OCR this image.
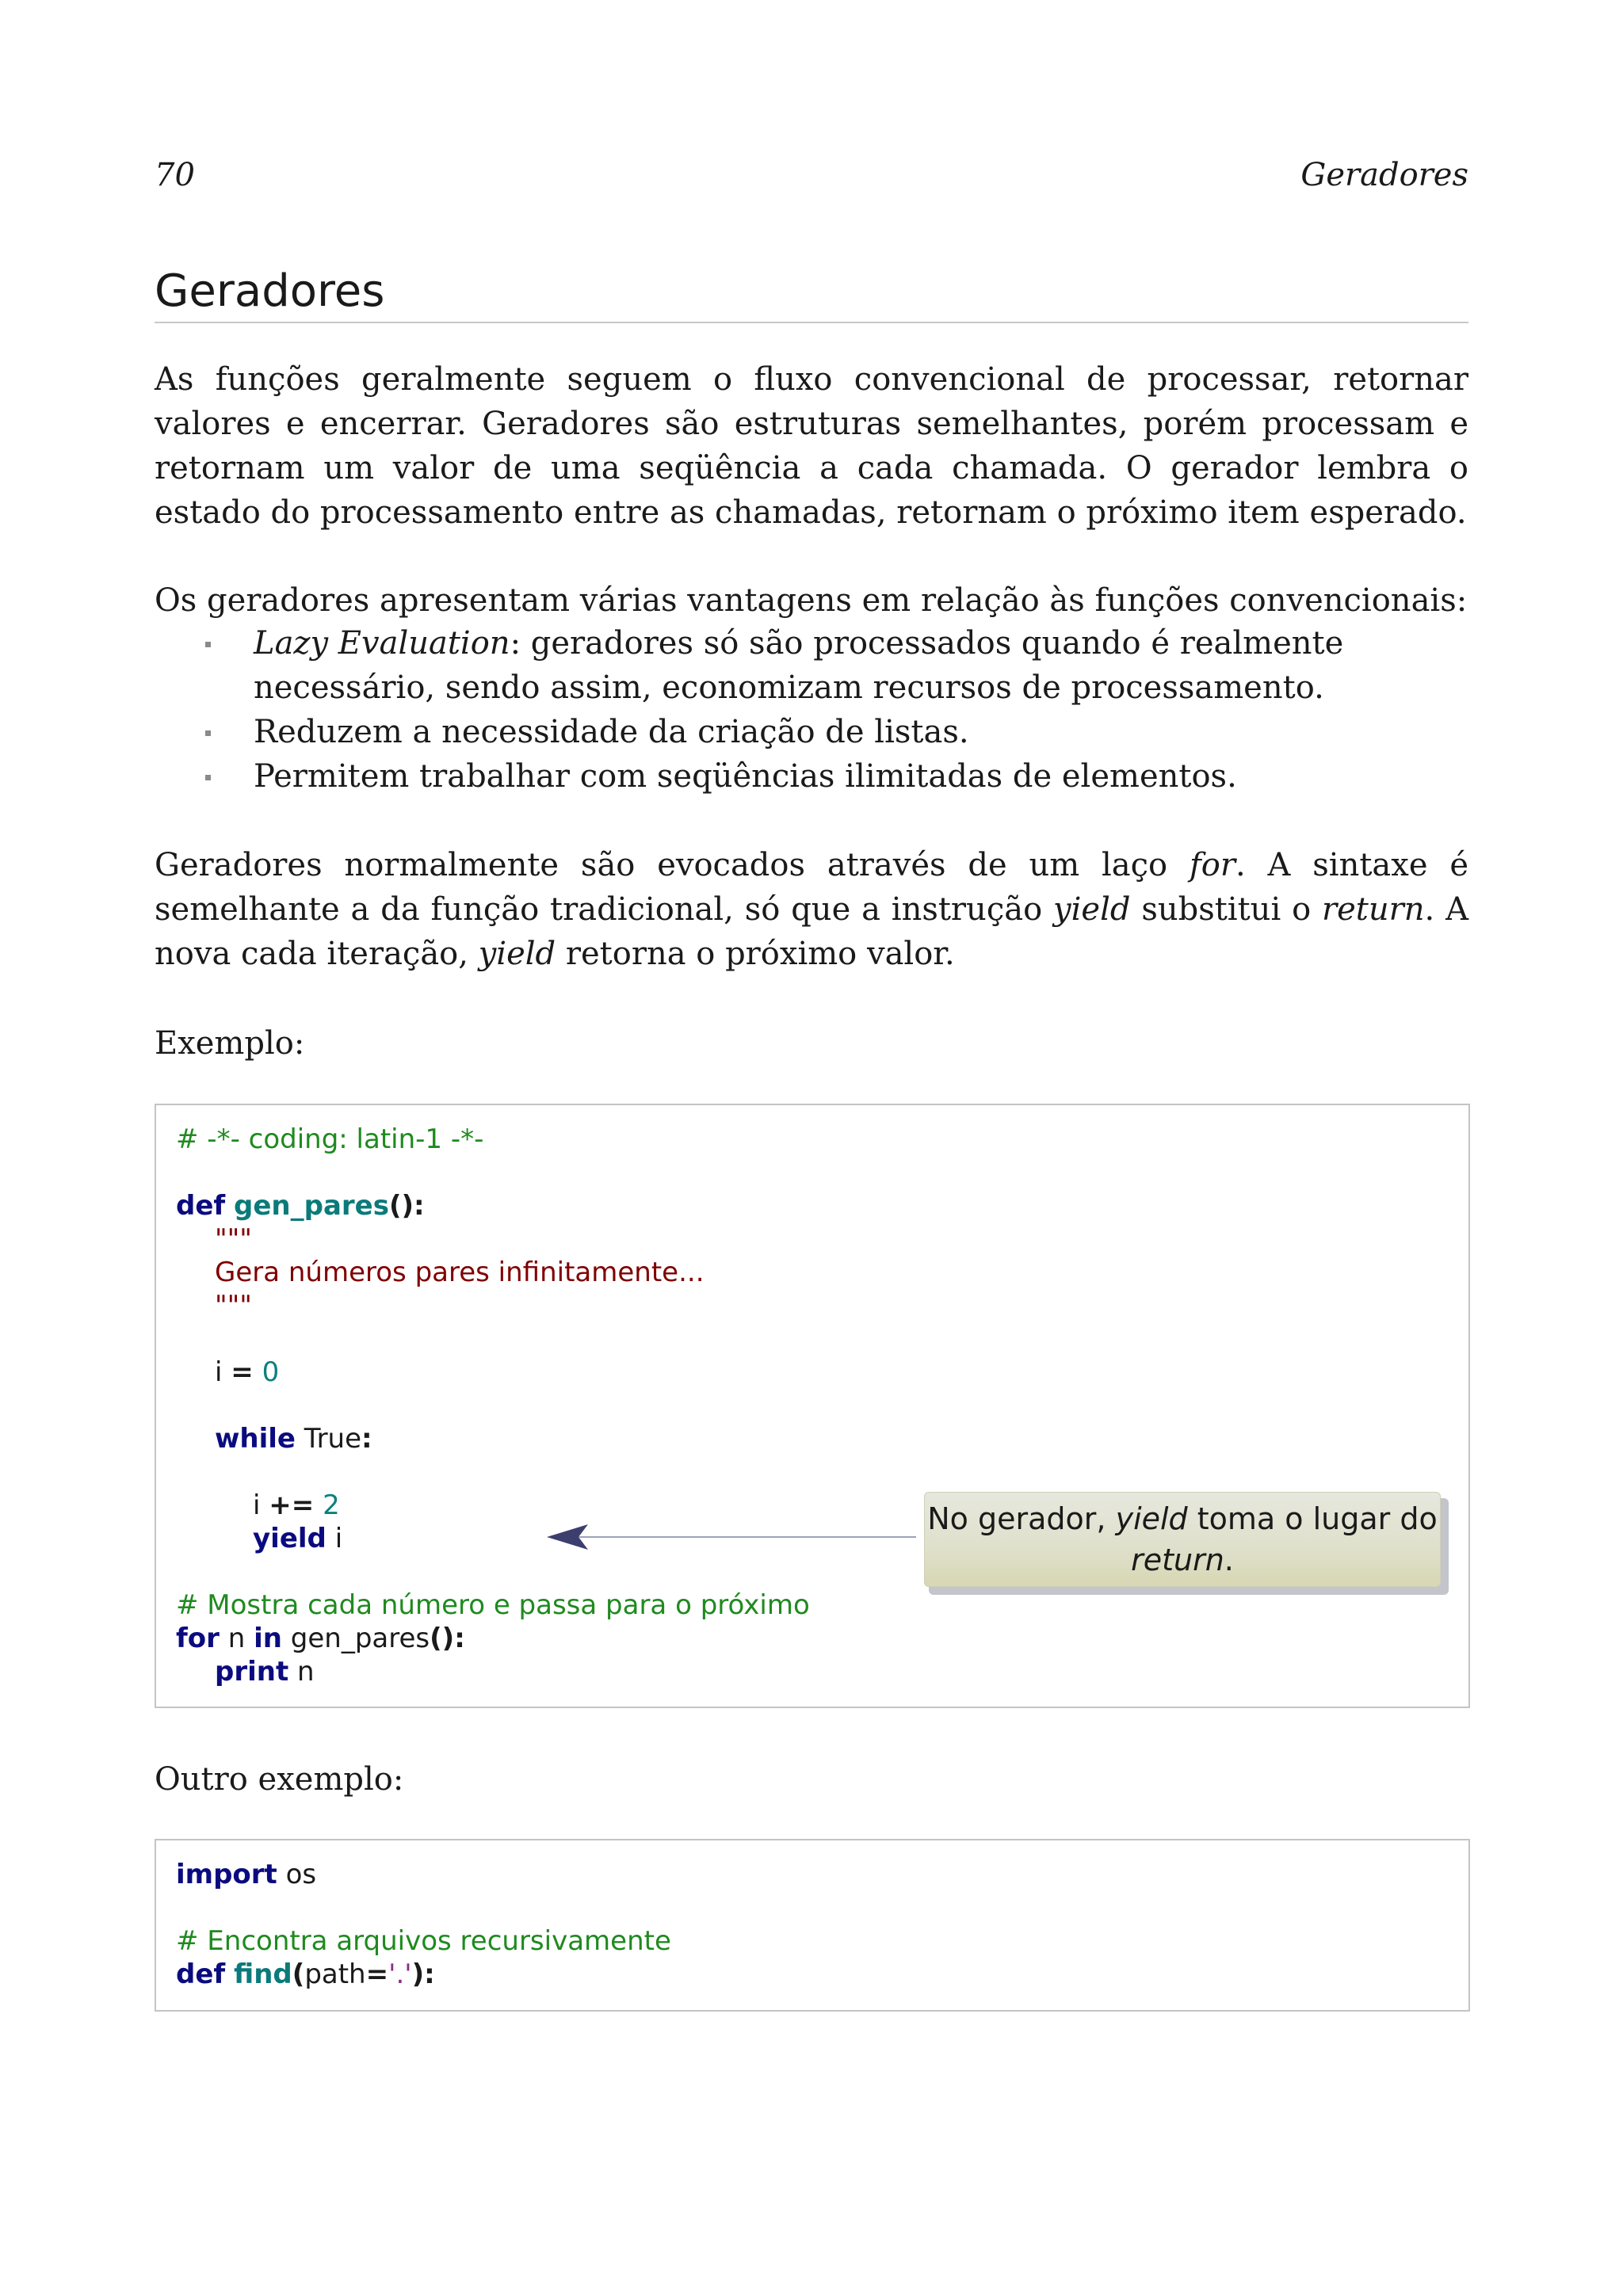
70	Geradores
Geradores

As funções geralmente seguem o fluxo convencional de processar, retornar valores e encerrar. Geradores são estruturas semelhantes, porém processam e retornam um valor de uma seqüência a cada chamada. O gerador lembra o estado do processamento entre as chamadas, retornam o próximo item esperado.

Os geradores apresentam várias vantagens em relação às funções convencionais:

Lazy Evaluation: geradores só são processados quando é realmente necessário, sendo assim, economizam recursos de processamento.
Reduzem a necessidade da criação de listas.
Permitem trabalhar com seqüências ilimitadas de elementos.

Geradores normalmente são evocados através de um laço for. A sintaxe é semelhante a da função tradicional, só que a instrução yield substitui o return. A nova cada iteração, yield retorna o próximo valor.

Exemplo:

# -*- coding: latin-1 -*-
def gen_pares():
"""
Gera números pares infinitamente...
"""
i = 0
while True:
i += 2
yield i
# Mostra cada número e passa para o próximo
for n in gen_pares():
print n
No gerador, yield toma o lugar do return.

Outro exemplo:

import os
# Encontra arquivos recursivamente
def find(path='.'):
